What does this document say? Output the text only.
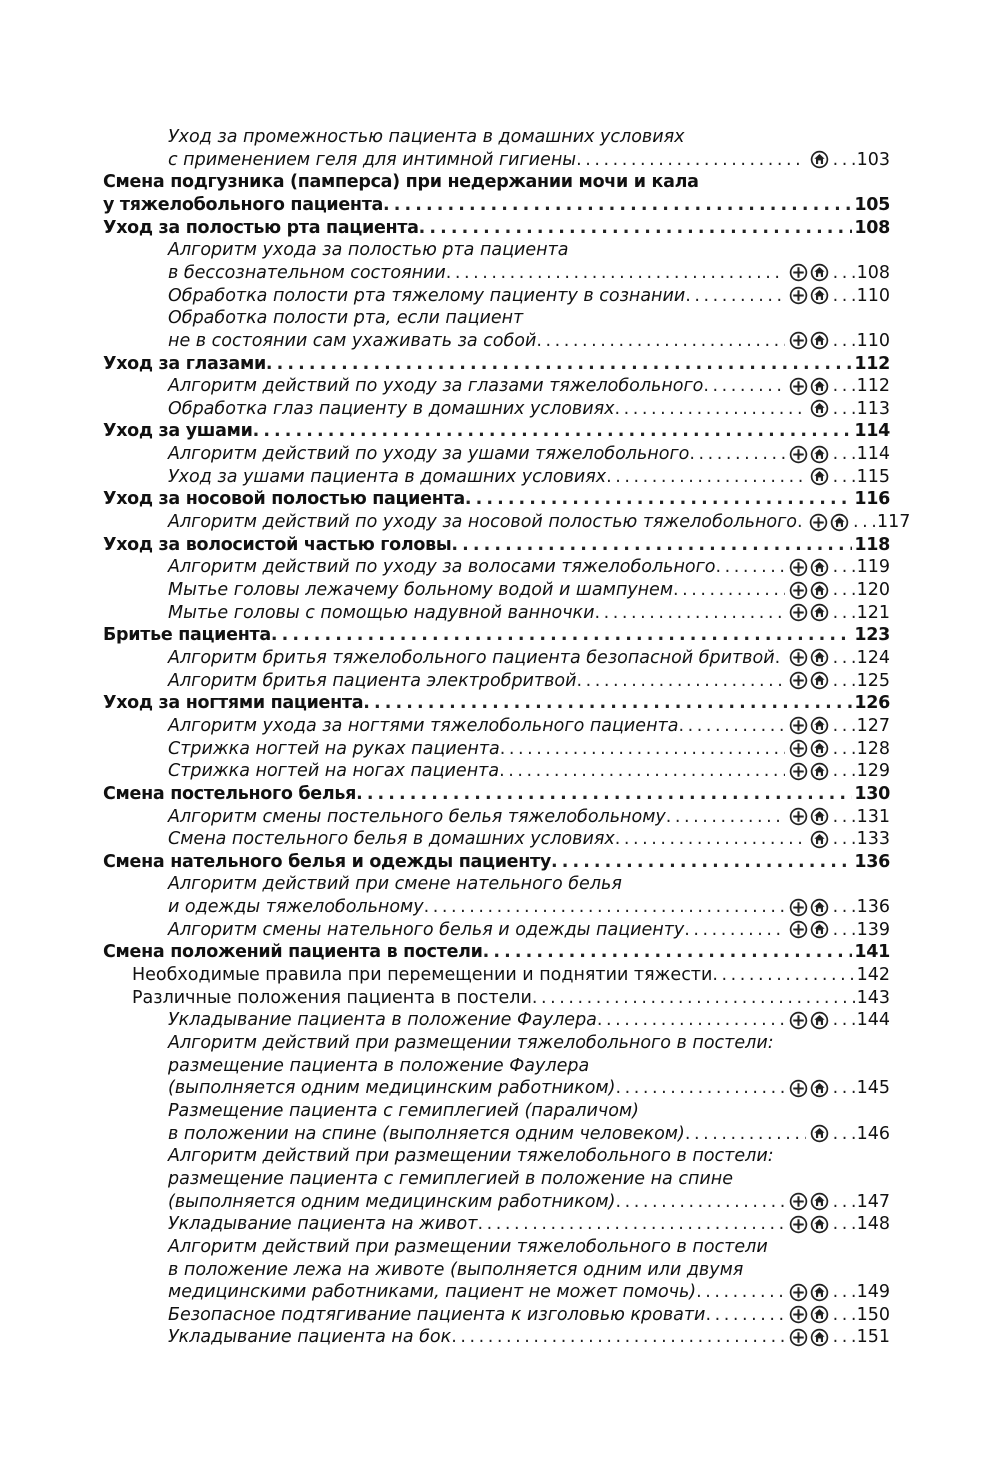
Уход за промежностью пациента в домашних условиях
с применением геля для интимной гигиены . . . . . .	103
Смена подгузника (памперса) при недержании мочи и кала
у тяжелобольного пациента . . .	105
Уход за полостью рта пациента . . .	108
Алгоритм ухода за полостью рта пациента
в бессознательном состоянии . . . . . .	108
Обработка полости рта тяжелому пациенту в сознании . . . . . .	110
Обработка полости рта, если пациент
не в состоянии сам ухаживать за собой . . . . . .	110
Уход за глазами . . .	112
Алгоритм действий по уходу за глазами тяжелобольного . . . . . .	112
Обработка глаз пациенту в домашних условиях . . . . . .	113
Уход за ушами . . .	114
Алгоритм действий по уходу за ушами тяжелобольного . . . . . .	114
Уход за ушами пациента в домашних условиях . . . . . .	115
Уход за носовой полостью пациента . . .	116
Алгоритм действий по уходу за носовой полостью тяжелобольного . . . . . .	117
Уход за волосистой частью головы . . .	118
Алгоритм действий по уходу за волосами тяжелобольного . . . . . .	119
Мытье головы лежачему больному водой и шампунем . . . . . .	120
Мытье головы с помощью надувной ванночки . . . . . .	121
Бритье пациента . . .	123
Алгоритм бритья тяжелобольного пациента безопасной бритвой . . . . . .	124
Алгоритм бритья пациента электробритвой . . . . . .	125
Уход за ногтями пациента . . .	126
Алгоритм ухода за ногтями тяжелобольного пациента . . . . . .	127
Стрижка ногтей на руках пациента . . . . . .	128
Стрижка ногтей на ногах пациента . . . . . .	129
Смена постельного белья . . .	130
Алгоритм смены постельного белья тяжелобольному . . . . . .	131
Смена постельного белья в домашних условиях . . . . . .	133
Смена нательного белья и одежды пациенту . . .	136
Алгоритм действий при смене нательного белья
и одежды тяжелобольному . . . . . .	136
Алгоритм смены нательного белья и одежды пациенту . . . . . .	139
Смена положений пациента в постели . . .	141
Необходимые правила при перемещении и поднятии тяжести . . .	142
Различные положения пациента в постели . . .	143
Укладывание пациента в положение Фаулера . . . . . .	144
Алгоритм действий при размещении тяжелобольного в постели:
размещение пациента в положение Фаулера
(выполняется одним медицинским работником) . . . . . .	145
Размещение пациента с гемиплегией (параличом)
в положении на спине (выполняется одним человеком) . . . . . .	146
Алгоритм действий при размещении тяжелобольного в постели:
размещение пациента с гемиплегией в положение на спине
(выполняется одним медицинским работником) . . . . . .	147
Укладывание пациента на живот . . . . . .	148
Алгоритм действий при размещении тяжелобольного в постели
в положение лежа на животе (выполняется одним или двумя
медицинскими работниками, пациент не может помочь) . . . . . .	149
Безопасное подтягивание пациента к изголовью кровати . . . . . .	150
Укладывание пациента на бок . . . . . .	151
